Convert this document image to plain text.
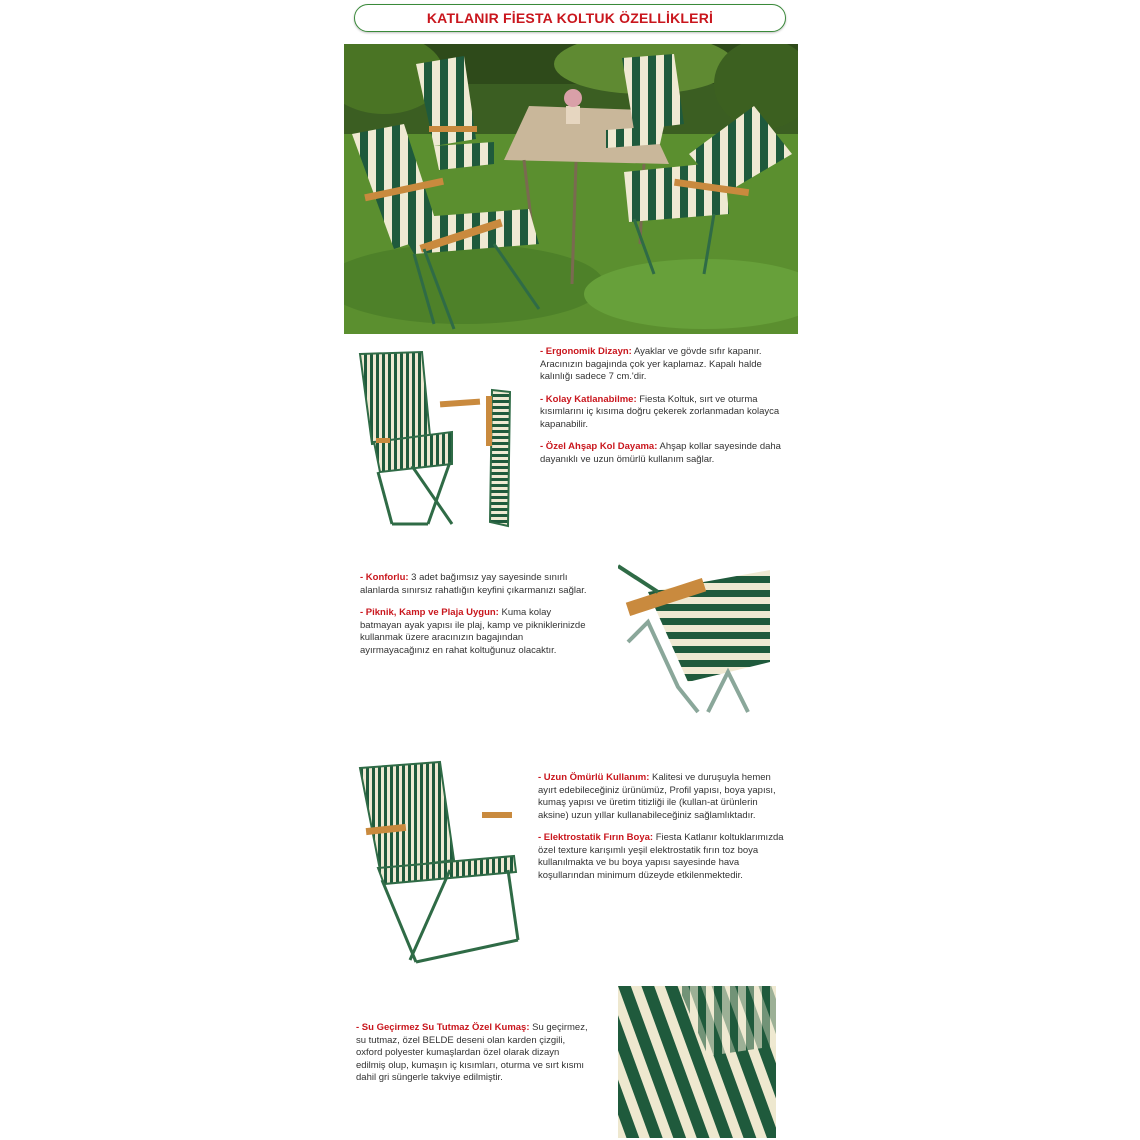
KATLANIR FİESTA KOLTUK ÖZELLİKLERİ

- Ergonomik Dizayn: Ayaklar ve gövde sıfır kapanır. Aracınızın bagajında çok yer kaplamaz. Kapalı halde kalınlığı sadece 7 cm.'dir.

- Kolay Katlanabilme: Fiesta Koltuk, sırt ve oturma kısımlarını iç kısıma doğru çekerek zorlanmadan kolayca kapanabilir.

- Özel Ahşap Kol Dayama: Ahşap kollar sayesinde daha dayanıklı ve uzun ömürlü kullanım sağlar.

- Konforlu: 3 adet bağımsız yay sayesinde sınırlı alanlarda sınırsız rahatlığın keyfini çıkarmanızı sağlar.

- Piknik, Kamp ve Plaja Uygun: Kuma kolay batmayan ayak yapısı ile plaj, kamp ve pikniklerinizde kullanmak üzere aracınızın bagajından ayırmayacağınız en rahat koltuğunuz olacaktır.

- Uzun Ömürlü Kullanım: Kalitesi ve duruşuyla hemen ayırt edebileceğiniz ürünümüz, Profil yapısı, boya yapısı, kumaş yapısı ve üretim titizliği ile (kullan-at ürünlerin aksine) uzun yıllar kullanabileceğiniz sağlamlıktadır.

- Elektrostatik Fırın Boya: Fiesta Katlanır koltuklarımızda özel texture karışımlı yeşil elektrostatik fırın toz boya kullanılmakta ve bu boya yapısı sayesinde hava koşullarından minimum düzeyde etkilenmektedir.

- Su Geçirmez Su Tutmaz Özel Kumaş: Su geçirmez, su tutmaz, özel BELDE deseni olan karden çizgili, oxford polyester kumaşlardan özel olarak dizayn edilmiş olup, kumaşın iç kısımları, oturma ve sırt kısmı dahil gri süngerle takviye edilmiştir.
